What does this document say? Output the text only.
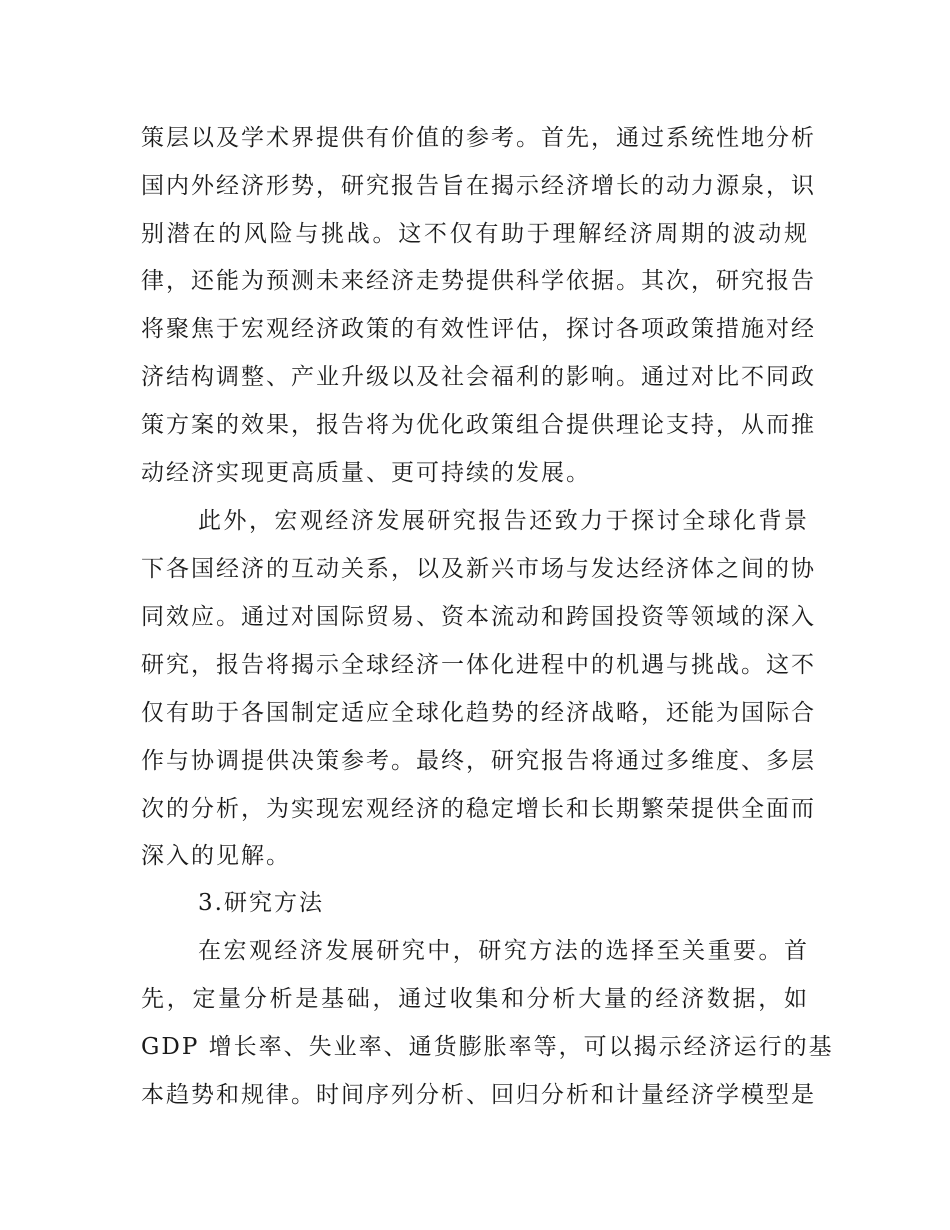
策层以及学术界提供有价值的参考。首先，通过系统性地分析
国内外经济形势，研究报告旨在揭示经济增长的动力源泉，识
别潜在的风险与挑战。这不仅有助于理解经济周期的波动规
律，还能为预测未来经济走势提供科学依据。其次，研究报告
将聚焦于宏观经济政策的有效性评估，探讨各项政策措施对经
济结构调整、产业升级以及社会福利的影响。通过对比不同政
策方案的效果，报告将为优化政策组合提供理论支持，从而推
动经济实现更高质量、更可持续的发展。
此外，宏观经济发展研究报告还致力于探讨全球化背景
下各国经济的互动关系，以及新兴市场与发达经济体之间的协
同效应。通过对国际贸易、资本流动和跨国投资等领域的深入
研究，报告将揭示全球经济一体化进程中的机遇与挑战。这不
仅有助于各国制定适应全球化趋势的经济战略，还能为国际合
作与协调提供决策参考。最终，研究报告将通过多维度、多层
次的分析，为实现宏观经济的稳定增长和长期繁荣提供全面而
深入的见解。
3.研究方法
在宏观经济发展研究中，研究方法的选择至关重要。首
先，定量分析是基础，通过收集和分析大量的经济数据，如
GDP 增长率、失业率、通货膨胀率等，可以揭示经济运行的基
本趋势和规律。时间序列分析、回归分析和计量经济学模型是
